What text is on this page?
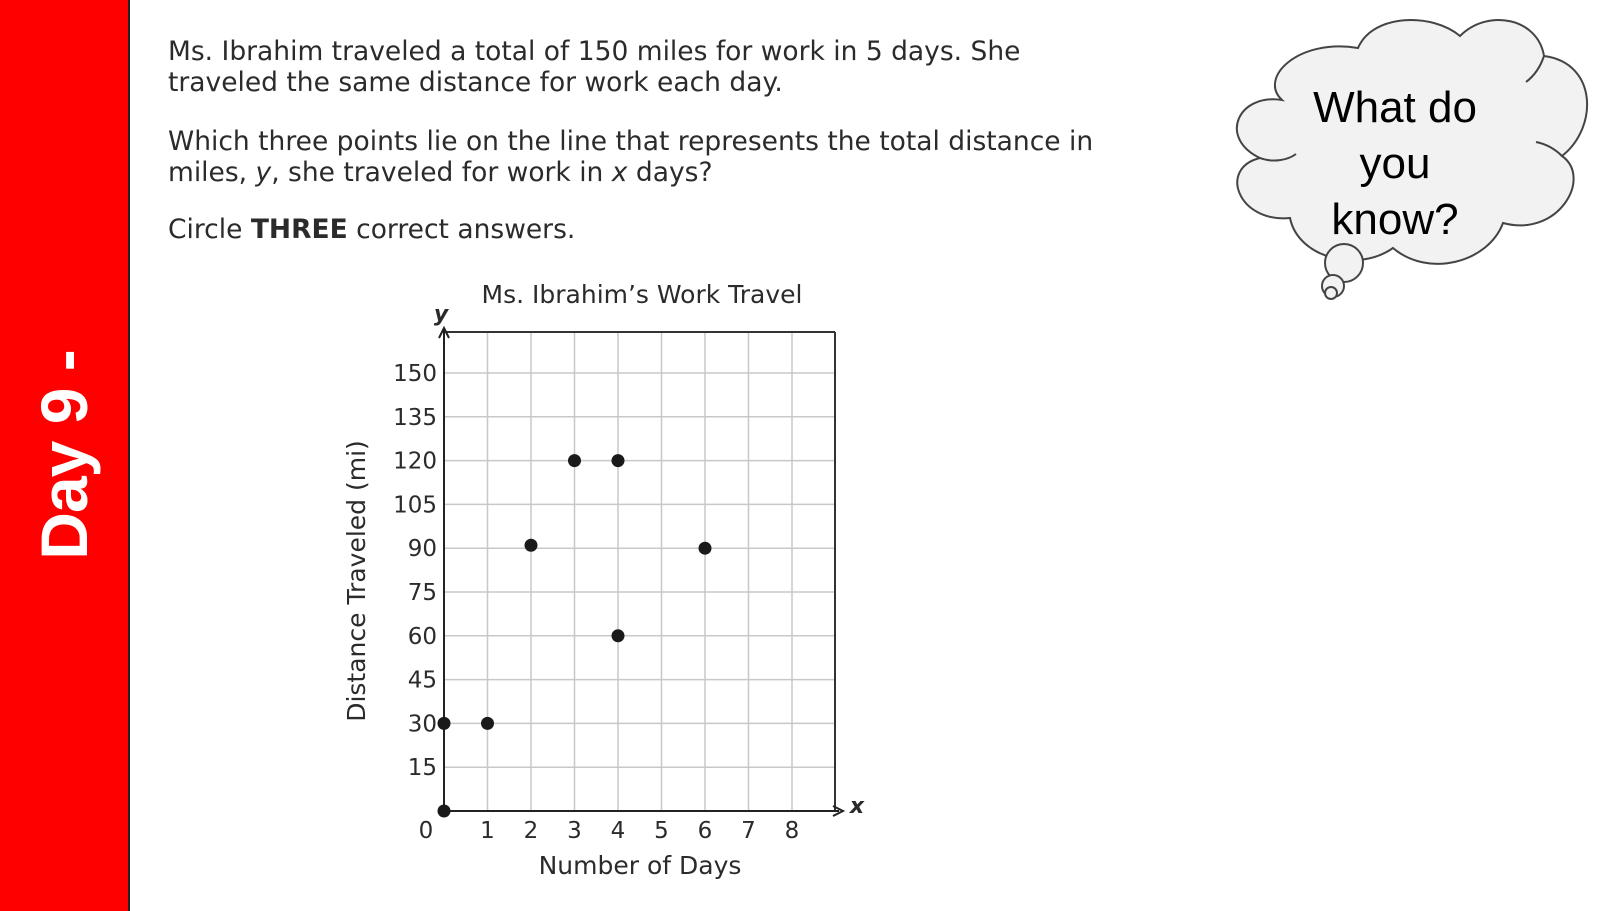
Day 9 -

Ms. Ibrahim traveled a total of 150 miles for work in 5 days. She traveled the same distance for work each day.

Which three points lie on the line that represents the total distance in miles, y, she traveled for work in x days?

Circle THREE correct answers.

Ms. Ibrahim’s Work Travel
y
x
Number of Days
Distance Traveled (mi)
0 1 2 3 4 5 6 7 8
15
30
45
60
75
90
105
120
135
150
What do
you know?
